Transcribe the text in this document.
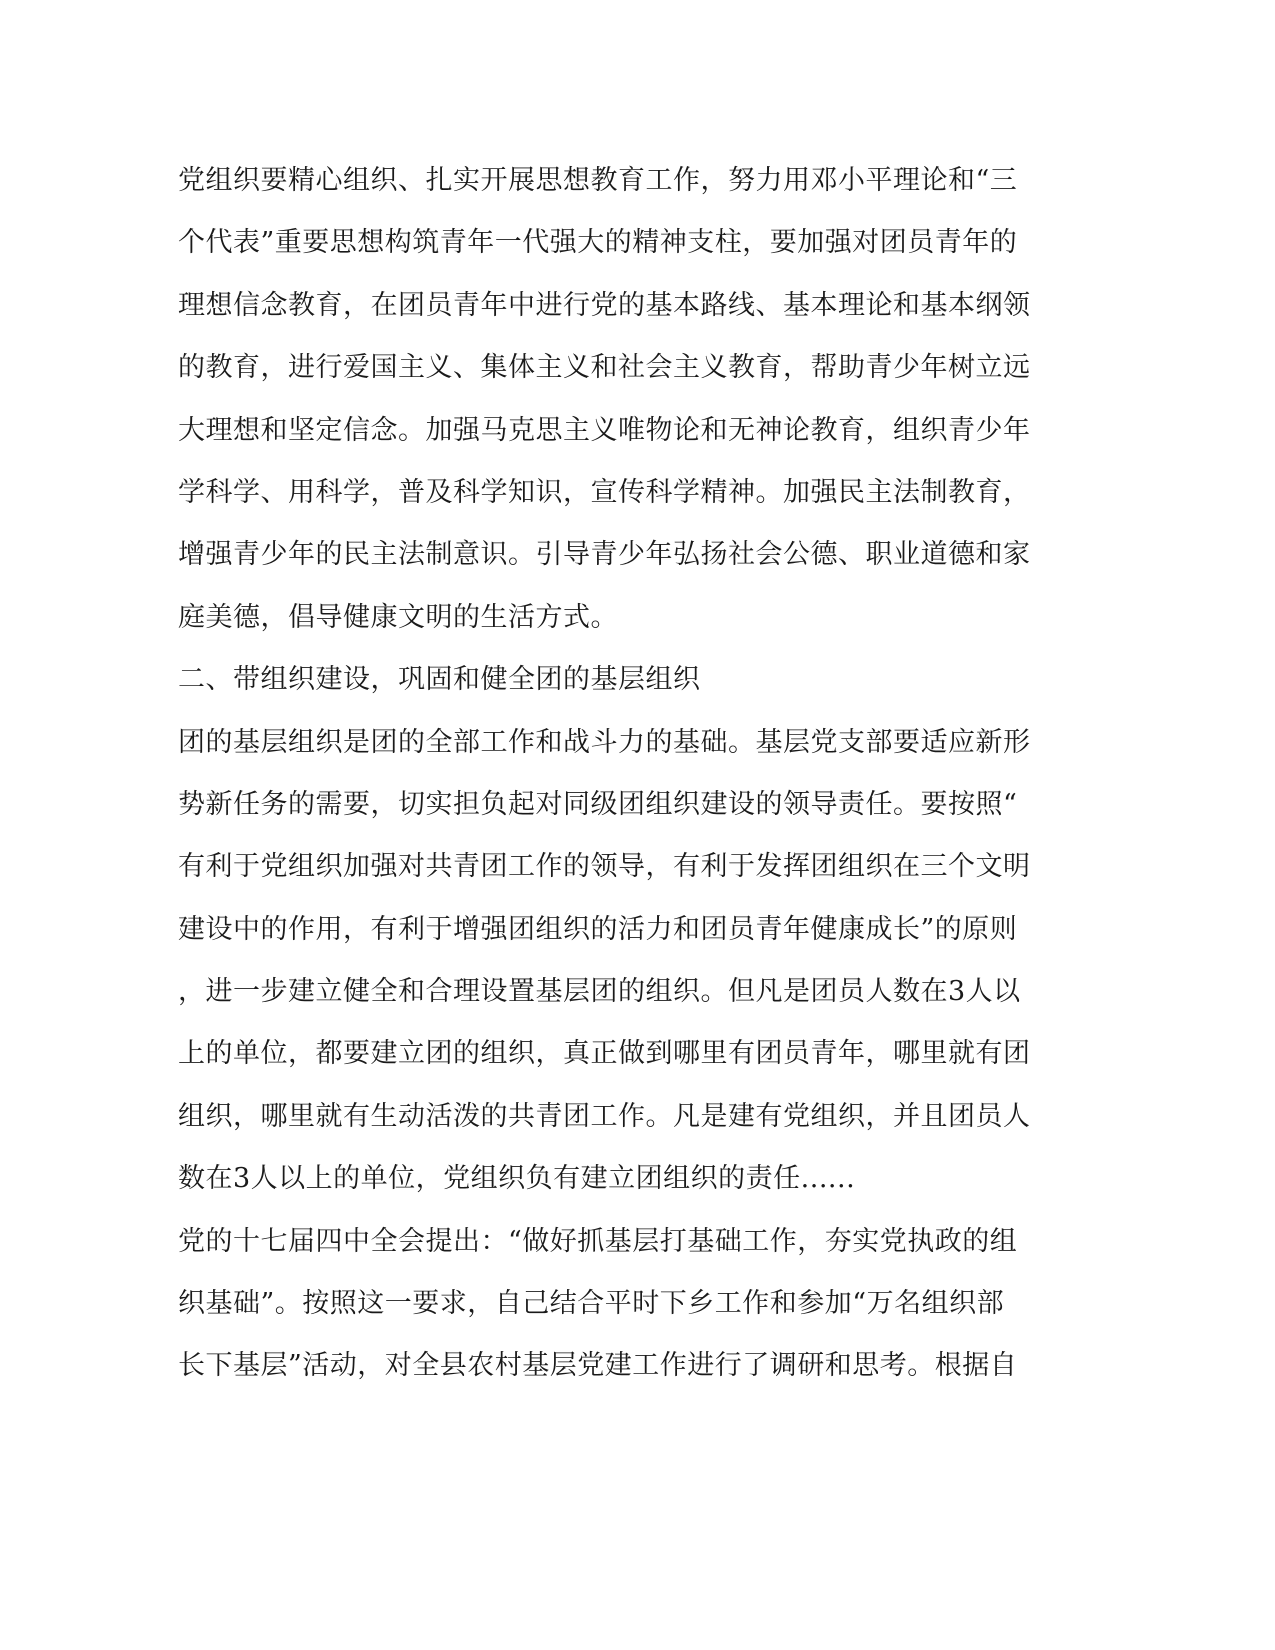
党组织要精心组织、扎实开展思想教育工作，努力用邓小平理论和“三
个代表”重要思想构筑青年一代强大的精神支柱，要加强对团员青年的
理想信念教育，在团员青年中进行党的基本路线、基本理论和基本纲领
的教育，进行爱国主义、集体主义和社会主义教育，帮助青少年树立远
大理想和坚定信念。加强马克思主义唯物论和无神论教育，组织青少年
学科学、用科学，普及科学知识，宣传科学精神。加强民主法制教育，
增强青少年的民主法制意识。引导青少年弘扬社会公德、职业道德和家
庭美德，倡导健康文明的生活方式。
二、带组织建设，巩固和健全团的基层组织
团的基层组织是团的全部工作和战斗力的基础。基层党支部要适应新形
势新任务的需要，切实担负起对同级团组织建设的领导责任。要按照“
有利于党组织加强对共青团工作的领导，有利于发挥团组织在三个文明
建设中的作用，有利于增强团组织的活力和团员青年健康成长”的原则
，进一步建立健全和合理设置基层团的组织。但凡是团员人数在3人以
上的单位，都要建立团的组织，真正做到哪里有团员青年，哪里就有团
组织，哪里就有生动活泼的共青团工作。凡是建有党组织，并且团员人
数在3人以上的单位，党组织负有建立团组织的责任......
党的十七届四中全会提出：“做好抓基层打基础工作，夯实党执政的组
织基础”。按照这一要求，自己结合平时下乡工作和参加“万名组织部
长下基层”活动，对全县农村基层党建工作进行了调研和思考。根据自
